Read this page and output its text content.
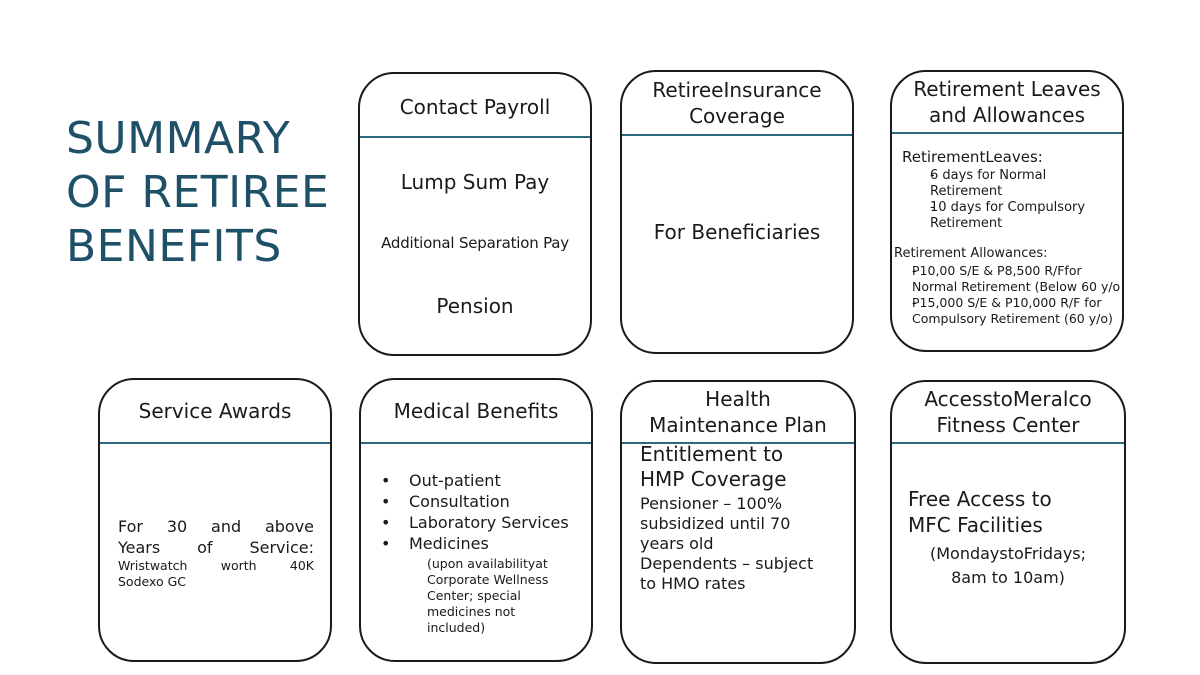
SUMMARY
OF RETIREE
BENEFITS
Contact Payroll
Lump Sum Pay
Additional Separation Pay
Pension
RetireeInsurance
Coverage
For Beneficiaries
Retirement Leaves
and Allowances
RetirementLeaves:
- 6 days for Normal
Retirement
- 10 days for Compulsory
Retirement
Retirement Allowances:
- P10,00 S/E & P8,500 R/Ffor
Normal Retirement (Below 60 y/o
- P15,000 S/E & P10,000 R/F for
Compulsory Retirement (60 y/o)
Service Awards
For 30 and above
Years of Service:
Wristwatch worth 40K
Sodexo GC
Medical Benefits
• Out-patient
• Consultation
• Laboratory Services
• Medicines
(upon availabilityat
Corporate Wellness
Center; special
medicines not
included)
Health
Maintenance Plan
Entitlement to
HMP Coverage
Pensioner – 100%
subsidized until 70
years old
Dependents – subject
to HMO rates
AccesstoMeralco
Fitness Center
Free Access to
MFC Facilities
(MondaystoFridays;
8am to 10am)
